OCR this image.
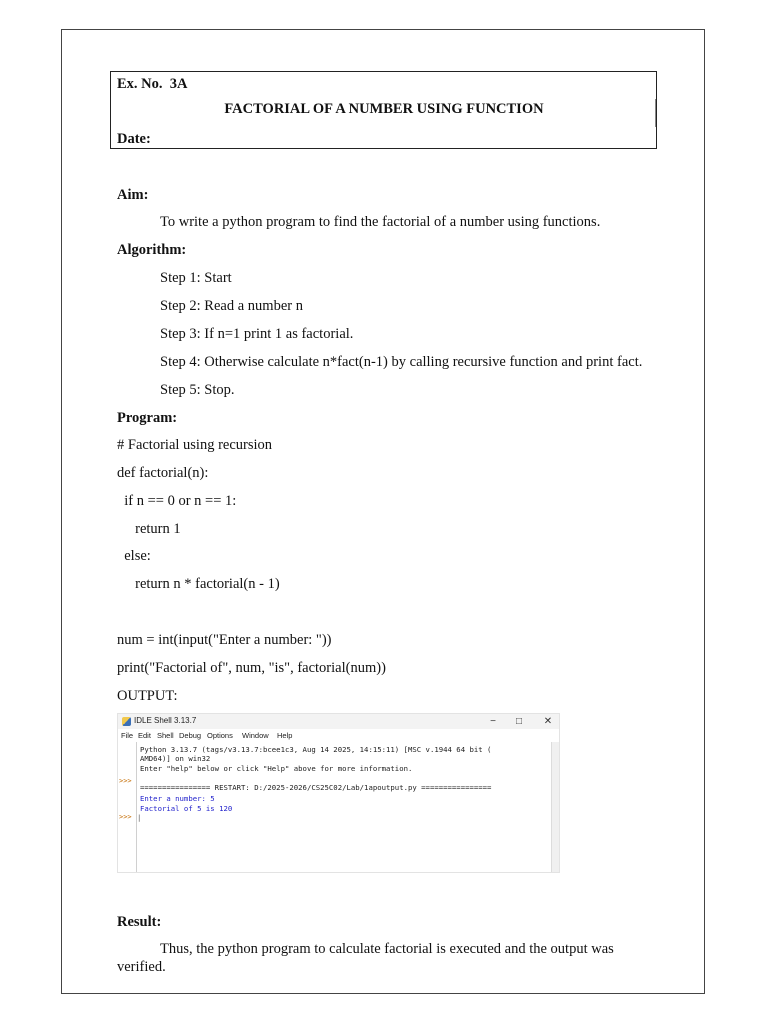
Ex. No.  3A
FACTORIAL OF A NUMBER USING FUNCTION
Date:
Aim:
To write a python program to find the factorial of a number using functions.
Algorithm:
Step 1: Start
Step 2: Read a number n
Step 3: If n=1 print 1 as factorial.
Step 4: Otherwise calculate n*fact(n-1) by calling recursive function and print fact.
Step 5: Stop.
Program:
# Factorial using recursion
def factorial(n):
if n == 0 or n == 1:
return 1
else:
return n * factorial(n - 1)
num = int(input("Enter a number: "))
print("Factorial of", num, "is", factorial(num))
OUTPUT:
IDLE Shell 3.13.7	−	□	✕
File Edit Shell Debug Options Window Help
>>>
>>>
Python 3.13.7 (tags/v3.13.7:bcee1c3, Aug 14 2025, 14:15:11) [MSC v.1944 64 bit (
AMD64)] on win32
Enter "help" below or click "Help" above for more information.
================ RESTART: D:/2025-2026/CS25C02/Lab/1apoutput.py ================
Enter a number: 5
Factorial of 5 is 120
|
Result:
Thus, the python program to calculate factorial is executed and the output was
verified.
